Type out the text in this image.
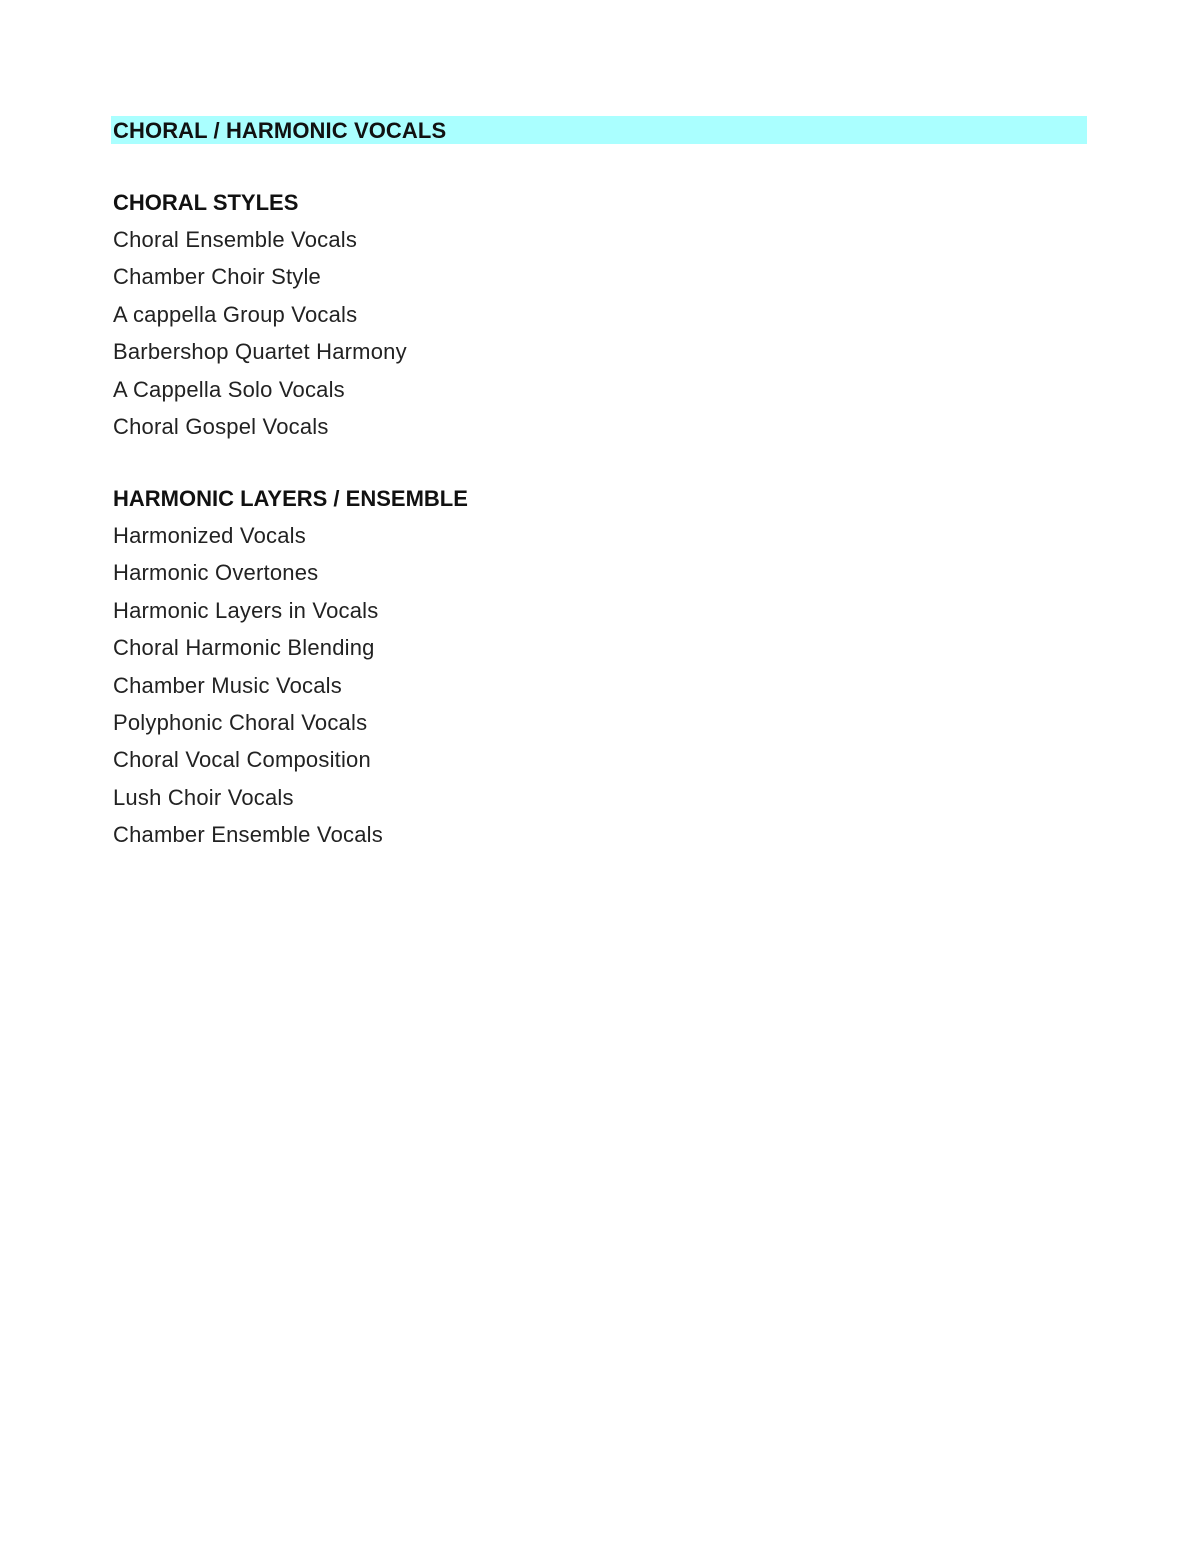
CHORAL / HARMONIC VOCALS
CHORAL STYLES
Choral Ensemble Vocals
Chamber Choir Style
A cappella Group Vocals
Barbershop Quartet Harmony
A Cappella Solo Vocals
Choral Gospel Vocals
HARMONIC LAYERS / ENSEMBLE
Harmonized Vocals
Harmonic Overtones
Harmonic Layers in Vocals
Choral Harmonic Blending
Chamber Music Vocals
Polyphonic Choral Vocals
Choral Vocal Composition
Lush Choir Vocals
Chamber Ensemble Vocals
